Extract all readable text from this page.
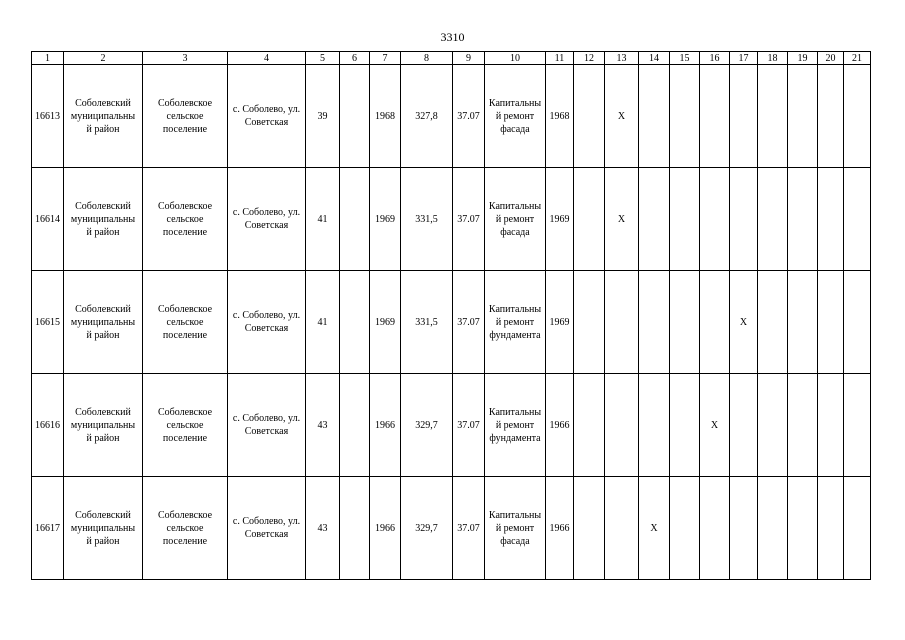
3310
1	2	3	4	5	6	7	8	9	10	11	12	13	14	15	16	17	18	19	20	21
16613	Соболевский
муниципальны
й район	Соболевское
сельское
поселение	с. Соболево, ул.
Советская	39		1968	327,8	37.07	Капитальны
й ремонт
фасада	1968		Х								
16614	Соболевский
муниципальны
й район	Соболевское
сельское
поселение	с. Соболево, ул.
Советская	41		1969	331,5	37.07	Капитальны
й ремонт
фасада	1969		Х								
16615	Соболевский
муниципальны
й район	Соболевское
сельское
поселение	с. Соболево, ул.
Советская	41		1969	331,5	37.07	Капитальны
й ремонт
фундамента	1969						Х				
16616	Соболевский
муниципальны
й район	Соболевское
сельское
поселение	с. Соболево, ул.
Советская	43		1966	329,7	37.07	Капитальны
й ремонт
фундамента	1966					Х					
16617	Соболевский
муниципальны
й район	Соболевское
сельское
поселение	с. Соболево, ул.
Советская	43		1966	329,7	37.07	Капитальны
й ремонт
фасада	1966			Х							
